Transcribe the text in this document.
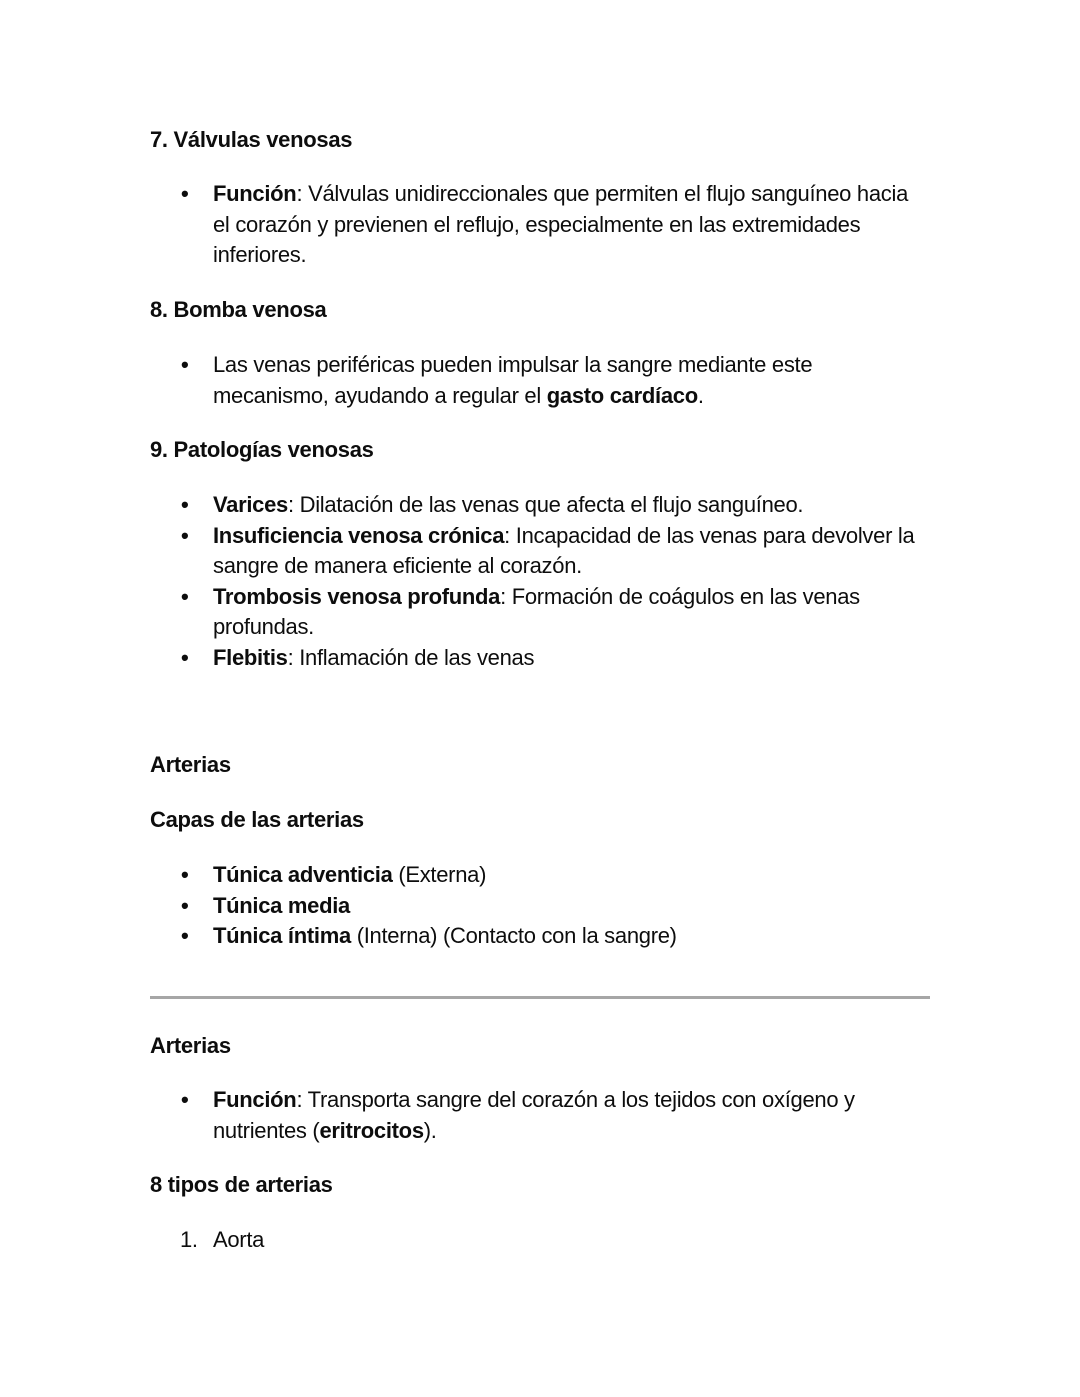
7. Válvulas venosas
• Función: Válvulas unidireccionales que permiten el flujo sanguíneo hacia el corazón y previenen el reflujo, especialmente en las extremidades inferiores.
8. Bomba venosa
• Las venas periféricas pueden impulsar la sangre mediante este mecanismo, ayudando a regular el gasto cardíaco.
9. Patologías venosas
• Varices: Dilatación de las venas que afecta el flujo sanguíneo.
• Insuficiencia venosa crónica: Incapacidad de las venas para devolver la sangre de manera eficiente al corazón.
• Trombosis venosa profunda: Formación de coágulos en las venas profundas.
• Flebitis: Inflamación de las venas
Arterias
Capas de las arterias
• Túnica adventicia (Externa)
• Túnica media
• Túnica íntima (Interna) (Contacto con la sangre)
Arterias
• Función: Transporta sangre del corazón a los tejidos con oxígeno y nutrientes (eritrocitos).
8 tipos de arterias
1. Aorta
